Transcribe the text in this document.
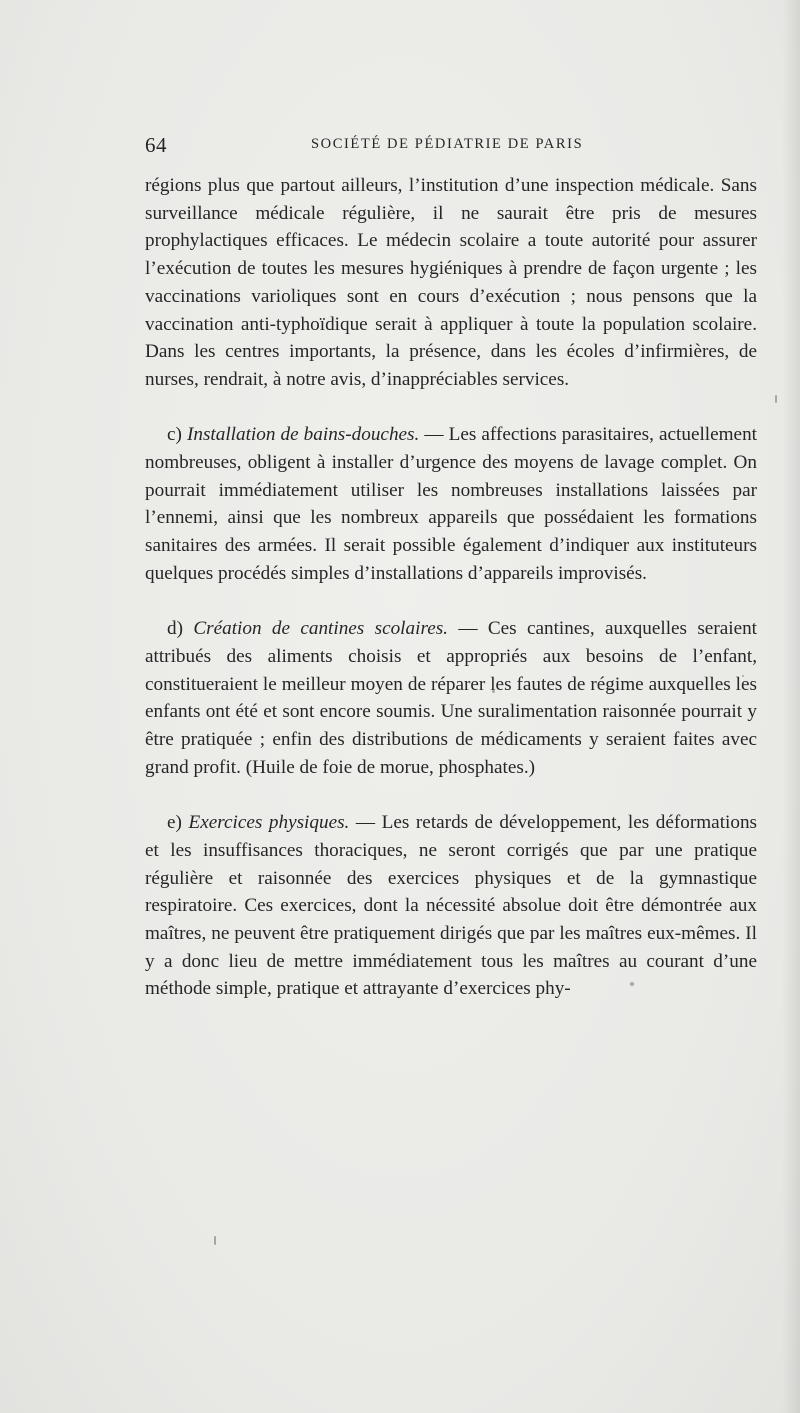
64	SOCIÉTÉ DE PÉDIATRIE DE PARIS

régions plus que partout ailleurs, l’institution d’une inspection médicale. Sans surveillance médicale régulière, il ne saurait être pris de mesures prophylactiques efficaces. Le médecin scolaire a toute autorité pour assurer l’exécution de toutes les mesures hygiéniques à prendre de façon urgente ; les vaccinations varioliques sont en cours d’exécution ; nous pensons que la vaccination anti-typhoïdique serait à appliquer à toute la population scolaire. Dans les centres importants, la présence, dans les écoles d’infirmières, de nurses, rendrait, à notre avis, d’inappréciables services.

c) Installation de bains-douches. — Les affections parasitaires, actuellement nombreuses, obligent à installer d’urgence des moyens de lavage complet. On pourrait immédiatement utiliser les nombreuses installations laissées par l’ennemi, ainsi que les nombreux appareils que possédaient les formations sanitaires des armées. Il serait possible également d’indiquer aux instituteurs quelques procédés simples d’installations d’appareils improvisés.

d) Création de cantines scolaires. — Ces cantines, auxquelles seraient attribués des aliments choisis et appropriés aux besoins de l’enfant, constitueraient le meilleur moyen de réparer les fautes de régime auxquelles les enfants ont été et sont encore soumis. Une suralimentation raisonnée pourrait y être pratiquée ; enfin des distributions de médicaments y seraient faites avec grand profit. (Huile de foie de morue, phosphates.)

e) Exercices physiques. — Les retards de développement, les déformations et les insuffisances thoraciques, ne seront corrigés que par une pratique régulière et raisonnée des exercices physiques et de la gymnastique respiratoire. Ces exercices, dont la nécessité absolue doit être démontrée aux maîtres, ne peuvent être pratiquement dirigés que par les maîtres eux-mêmes. Il y a donc lieu de mettre immédiatement tous les maîtres au courant d’une méthode simple, pratique et attrayante d’exercices phy-
